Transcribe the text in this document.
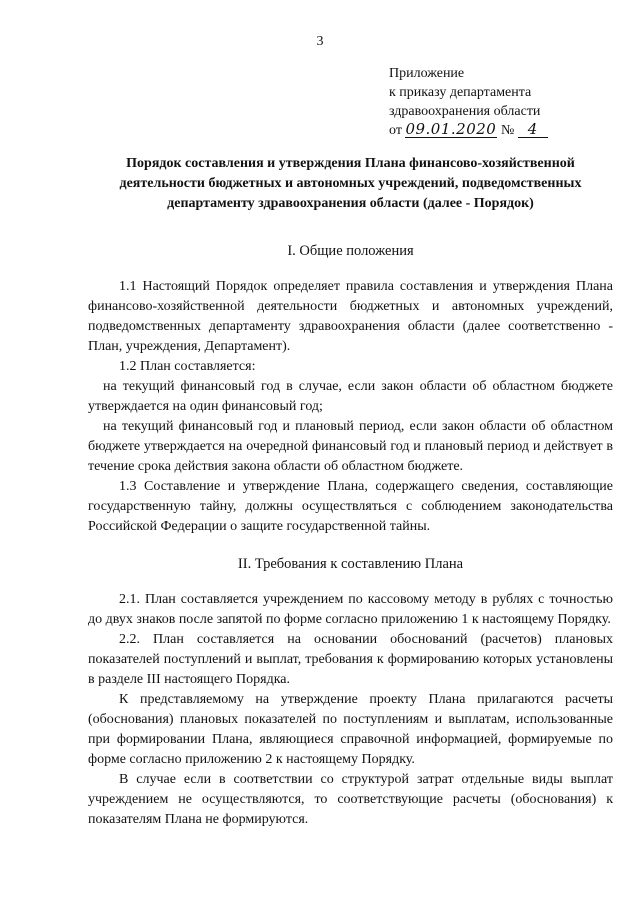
3
Приложение
к приказу департамента
здравоохранения области
от 09.01.2020 № 4
Порядок составления и утверждения Плана финансово-хозяйственной деятельности бюджетных и автономных учреждений, подведомственных департаменту здравоохранения области (далее - Порядок)
I. Общие положения

1.1 Настоящий Порядок определяет правила составления и утверждения Плана финансово-хозяйственной деятельности бюджетных и автономных учреждений, подведомственных департаменту здравоохранения области (далее соответственно - План, учреждения, Департамент).

1.2 План составляется:

на текущий финансовый год в случае, если закон области об областном бюджете утверждается на один финансовый год;

на текущий финансовый год и плановый период, если закон области об областном бюджете утверждается на очередной финансовый год и плановый период и действует в течение срока действия закона области об областном бюджете.

1.3 Составление и утверждение Плана, содержащего сведения, составляющие государственную тайну, должны осуществляться с соблюдением законодательства Российской Федерации о защите государственной тайны.

II. Требования к составлению Плана

2.1. План составляется учреждением по кассовому методу в рублях с точностью до двух знаков после запятой по форме согласно приложению 1 к настоящему Порядку.

2.2. План составляется на основании обоснований (расчетов) плановых показателей поступлений и выплат, требования к формированию которых установлены в разделе III настоящего Порядка.

К представляемому на утверждение проекту Плана прилагаются расчеты (обоснования) плановых показателей по поступлениям и выплатам, использованные при формировании Плана, являющиеся справочной информацией, формируемые по форме согласно приложению 2 к настоящему Порядку.

В случае если в соответствии со структурой затрат отдельные виды выплат учреждением не осуществляются, то соответствующие расчеты (обоснования) к показателям Плана не формируются.
